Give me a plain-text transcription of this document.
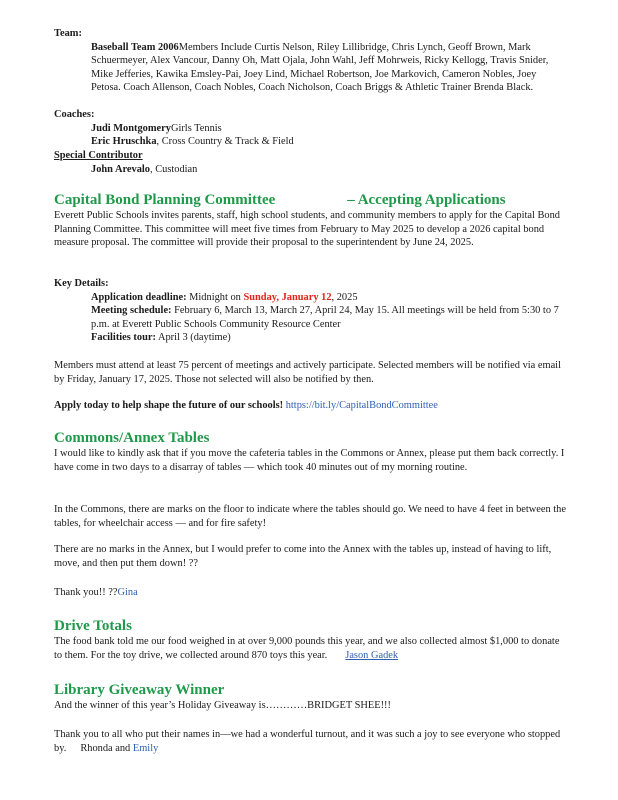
Team:

Baseball Team 2006Members Include Curtis Nelson, Riley Lillibridge, Chris Lynch, Geoff Brown, Mark Schuermeyer, Alex Vancour, Danny Oh, Matt Ojala, John Wahl, Jeff Mohrweis, Ricky Kellogg, Travis Snider, Mike Jefferies, Kawika Emsley-Pai, Joey Lind, Michael Robertson, Joe Markovich, Cameron Nobles, Joey Petosa. Coach Allenson, Coach Nobles, Coach Nicholson, Coach Briggs & Athletic Trainer Brenda Black.

Coaches:

Judi MontgomeryGirls Tennis

Eric Hruschka, Cross Country & Track & Field

Special Contributor

John Arevalo, Custodian

Capital Bond Planning Committee	– Accepting Applications

Everett Public Schools invites parents, staff, high school students, and community members to apply for the Capital Bond Planning Committee. This committee will meet five times from February to May 2025 to develop a 2026 capital bond measure proposal. The committee will provide their proposal to the superintendent by June 24, 2025.

Key Details:

Application deadline: Midnight on Sunday, January 12, 2025

Meeting schedule: February 6, March 13, March 27, April 24, May 15. All meetings will be held from 5:30 to 7 p.m. at Everett Public Schools Community Resource Center

Facilities tour: April 3 (daytime)

Members must attend at least 75 percent of meetings and actively participate. Selected members will be notified via email by Friday, January 17, 2025. Those not selected will also be notified by then.

Apply today to help shape the future of our schools! https://bit.ly/CapitalBondCommittee

Commons/Annex Tables

I would like to kindly ask that if you move the cafeteria tables in the Commons or Annex, please put them back correctly. I have come in two days to a disarray of tables — which took 40 minutes out of my morning routine.

In the Commons, there are marks on the floor to indicate where the tables should go. We need to have 4 feet in between the tables, for wheelchair access — and for fire safety!

There are no marks in the Annex, but I would prefer to come into the Annex with the tables up, instead of having to lift, move, and then put them down! ??

Thank you!! ??Gina

Drive Totals

The food bank told me our food weighed in at over 9,000 pounds this year, and we also collected almost $1,000 to donate to them. For the toy drive, we collected around 870 toys this year. Jason Gadek

Library Giveaway Winner

And the winner of this year’s Holiday Giveaway is…………BRIDGET SHEE!!!

Thank you to all who put their names in—we had a wonderful turnout, and it was such a joy to see everyone who stopped by. Rhonda and Emily
